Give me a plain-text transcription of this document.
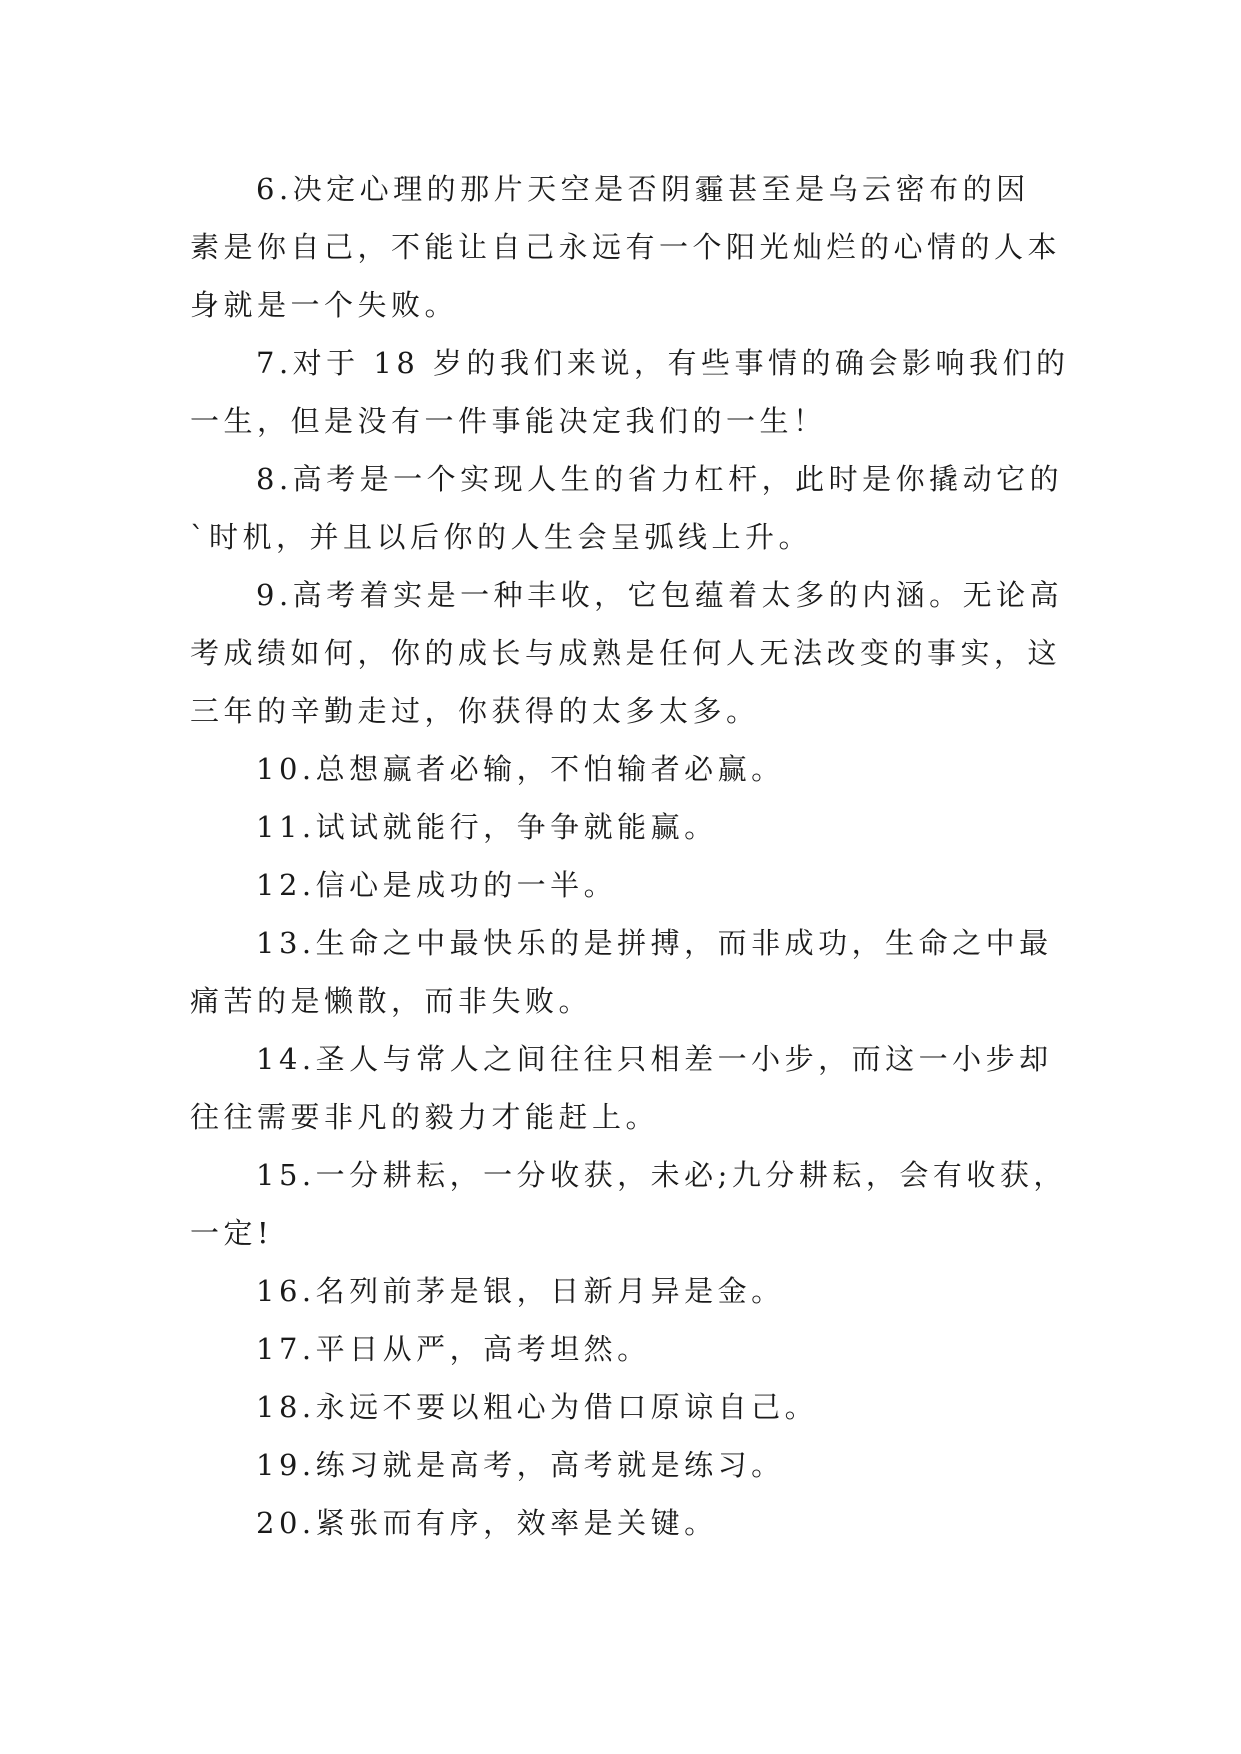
6.决定心理的那片天空是否阴霾甚至是乌云密布的因
素是你自己，不能让自己永远有一个阳光灿烂的心情的人本
身就是一个失败。
7.对于 18 岁的我们来说，有些事情的确会影响我们的
一生，但是没有一件事能决定我们的一生！
8.高考是一个实现人生的省力杠杆，此时是你撬动它的
`时机，并且以后你的人生会呈弧线上升。
9.高考着实是一种丰收，它包蕴着太多的内涵。无论高
考成绩如何，你的成长与成熟是任何人无法改变的事实，这
三年的辛勤走过，你获得的太多太多。
10.总想赢者必输，不怕输者必赢。
11.试试就能行，争争就能赢。
12.信心是成功的一半。
13.生命之中最快乐的是拼搏，而非成功，生命之中最
痛苦的是懒散，而非失败。
14.圣人与常人之间往往只相差一小步，而这一小步却
往往需要非凡的毅力才能赶上。
15.一分耕耘，一分收获，未必;九分耕耘，会有收获，
一定!
16.名列前茅是银，日新月异是金。
17.平日从严，高考坦然。
18.永远不要以粗心为借口原谅自己。
19.练习就是高考，高考就是练习。
20.紧张而有序，效率是关键。
